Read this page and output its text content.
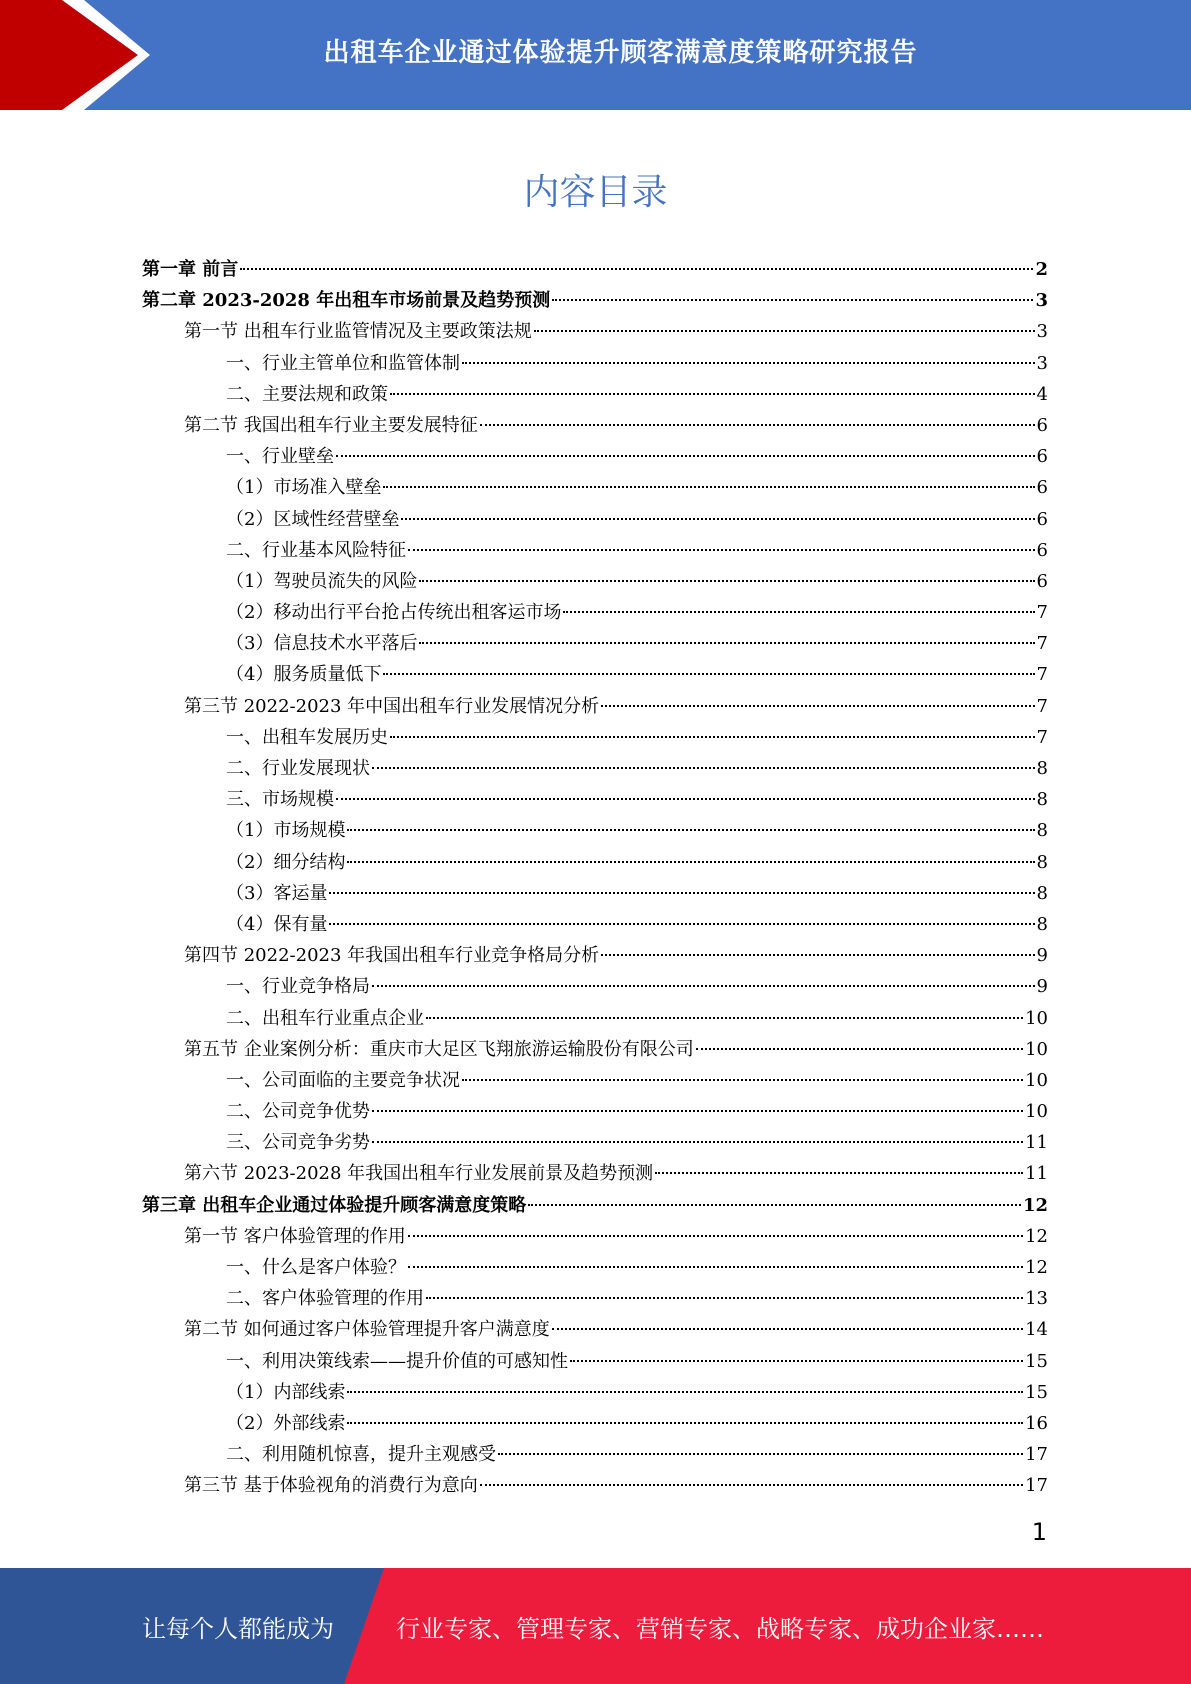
出租车企业通过体验提升顾客满意度策略研究报告
内容目录
第一章 前言	2
第二章 2023-2028 年出租车市场前景及趋势预测	3
第一节 出租车行业监管情况及主要政策法规	3
一、行业主管单位和监管体制	3
二、主要法规和政策	4
第二节 我国出租车行业主要发展特征	6
一、行业壁垒	6
（1）市场准入壁垒	6
（2）区域性经营壁垒	6
二、行业基本风险特征	6
（1）驾驶员流失的风险	6
（2）移动出行平台抢占传统出租客运市场	7
（3）信息技术水平落后	7
（4）服务质量低下	7
第三节 2022-2023 年中国出租车行业发展情况分析	7
一、出租车发展历史	7
二、行业发展现状	8
三、市场规模	8
（1）市场规模	8
（2）细分结构	8
（3）客运量	8
（4）保有量	8
第四节 2022-2023 年我国出租车行业竞争格局分析	9
一、行业竞争格局	9
二、出租车行业重点企业	10
第五节 企业案例分析：重庆市大足区飞翔旅游运输股份有限公司	10
一、公司面临的主要竞争状况	10
二、公司竞争优势	10
三、公司竞争劣势	11
第六节 2023-2028 年我国出租车行业发展前景及趋势预测	11
第三章 出租车企业通过体验提升顾客满意度策略	12
第一节 客户体验管理的作用	12
一、什么是客户体验？	12
二、客户体验管理的作用	13
第二节 如何通过客户体验管理提升客户满意度	14
一、利用决策线索——提升价值的可感知性	15
（1）内部线索	15
（2）外部线索	16
二、利用随机惊喜，提升主观感受	17
第三节 基于体验视角的消费行为意向	17
1
让每个人都能成为	行业专家、管理专家、营销专家、战略专家、成功企业家……
